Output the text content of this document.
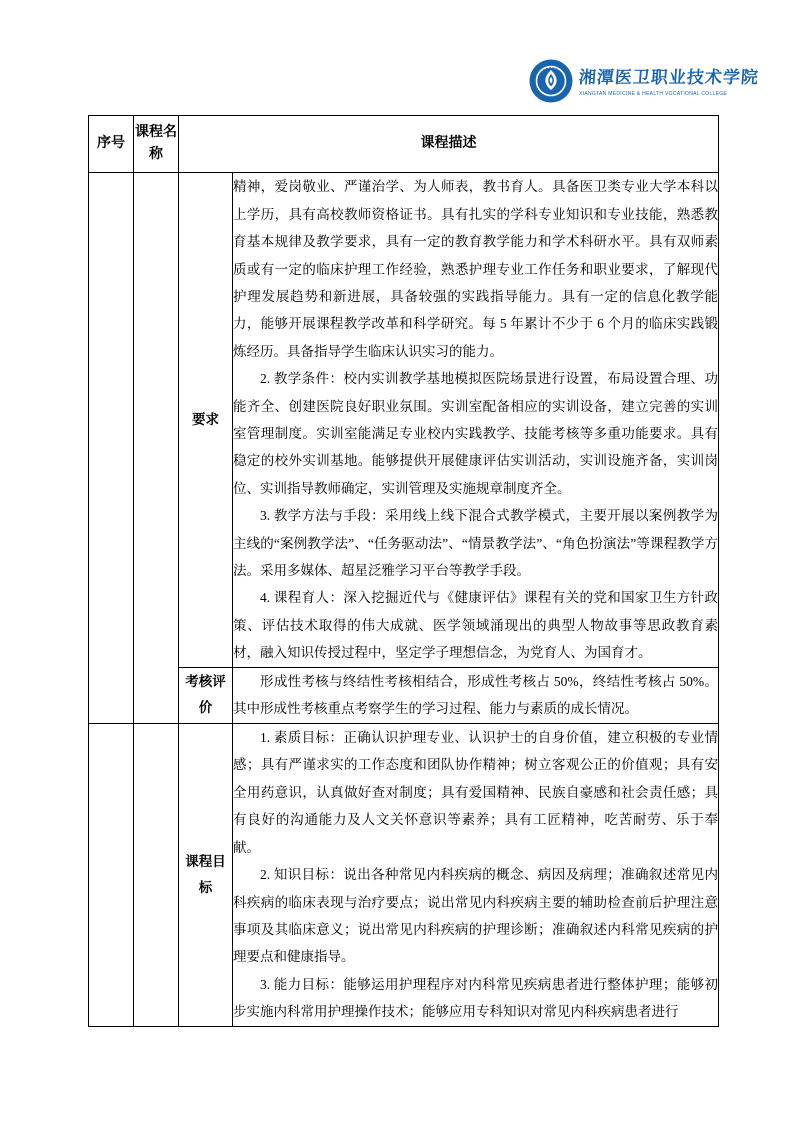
湘潭医卫职业技术学院
XIANGTAN MEDICINE & HEALTH VOCATIONAL COLLEGE
序号	课程名称	课程描述	
		要求	精神，爱岗敬业、严谨治学、为人师表，教书育人。具备医卫类专业大学本科以上学历，具有高校教师资格证书。具有扎实的学科专业知识和专业技能，熟悉教育基本规律及教学要求，具有一定的教育教学能力和学术科研水平。具有双师素质或有一定的临床护理工作经验，熟悉护理专业工作任务和职业要求，了解现代护理发展趋势和新进展，具备较强的实践指导能力。具有一定的信息化教学能力，能够开展课程教学改革和科学研究。每 5 年累计不少于 6 个月的临床实践锻炼经历。具备指导学生临床认识实习的能力。

2. 教学条件：校内实训教学基地模拟医院场景进行设置，布局设置合理、功能齐全、创建医院良好职业氛围。实训室配备相应的实训设备，建立完善的实训室管理制度。实训室能满足专业校内实践教学、技能考核等多重功能要求。具有稳定的校外实训基地。能够提供开展健康评估实训活动，实训设施齐备，实训岗位、实训指导教师确定，实训管理及实施规章制度齐全。

3. 教学方法与手段：采用线上线下混合式教学模式，主要开展以案例教学为主线的“案例教学法”、“任务驱动法”、“情景教学法”、“角色扮演法”等课程教学方法。采用多媒体、超星泛雅学习平台等教学手段。

4. 课程育人：深入挖掘近代与《健康评估》课程有关的党和国家卫生方针政策、评估技术取得的伟大成就、医学领域涌现出的典型人物故事等思政教育素材，融入知识传授过程中，坚定学子理想信念，为党育人、为国育才。

		考核评价	形成性考核与终结性考核相结合，形成性考核占 50%，终结性考核占 50%。其中形成性考核重点考察学生的学习过程、能力与素质的成长情况。

		课程目标	1. 素质目标：正确认识护理专业、认识护士的自身价值，建立积极的专业情感；具有严谨求实的工作态度和团队协作精神；树立客观公正的价值观；具有安全用药意识，认真做好查对制度；具有爱国精神、民族自豪感和社会责任感；具有良好的沟通能力及人文关怀意识等素养；具有工匠精神，吃苦耐劳、乐于奉献。

2. 知识目标：说出各种常见内科疾病的概念、病因及病理；准确叙述常见内科疾病的临床表现与治疗要点；说出常见内科疾病主要的辅助检查前后护理注意事项及其临床意义；说出常见内科疾病的护理诊断；准确叙述内科常见疾病的护理要点和健康指导。

3. 能力目标：能够运用护理程序对内科常见疾病患者进行整体护理；能够初步实施内科常用护理操作技术；能够应用专科知识对常见内科疾病患者进行
